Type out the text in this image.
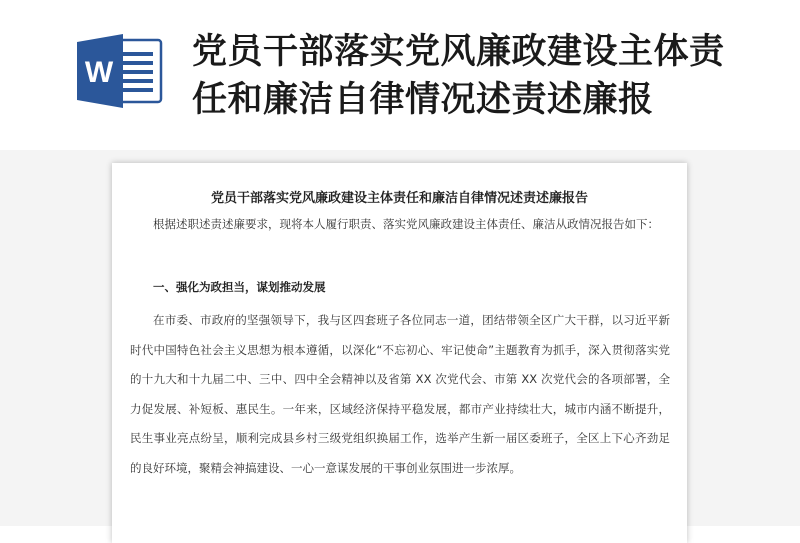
W
党员干部落实党风廉政建设主体责任和廉洁自律情况述责述廉报
党员干部落实党风廉政建设主体责任和廉洁自律情况述责述廉报告
根据述职述责述廉要求，现将本人履行职责、落实党风廉政建设主体责任、廉洁从政情况报告如下：
一、强化为政担当，谋划推动发展
在市委、市政府的坚强领导下，我与区四套班子各位同志一道，团结带领全区广大干群，以习近平新时代中国特色社会主义思想为根本遵循，以深化“不忘初心、牢记使命”主题教育为抓手，深入贯彻落实党的十九大和十九届二中、三中、四中全会精神以及省第 XX 次党代会、市第 XX 次党代会的各项部署，全力促发展、补短板、惠民生。一年来，区域经济保持平稳发展，都市产业持续壮大，城市内涵不断提升，民生事业亮点纷呈，顺利完成县乡村三级党组织换届工作，选举产生新一届区委班子，全区上下心齐劲足的良好环境，聚精会神搞建设、一心一意谋发展的干事创业氛围进一步浓厚。
